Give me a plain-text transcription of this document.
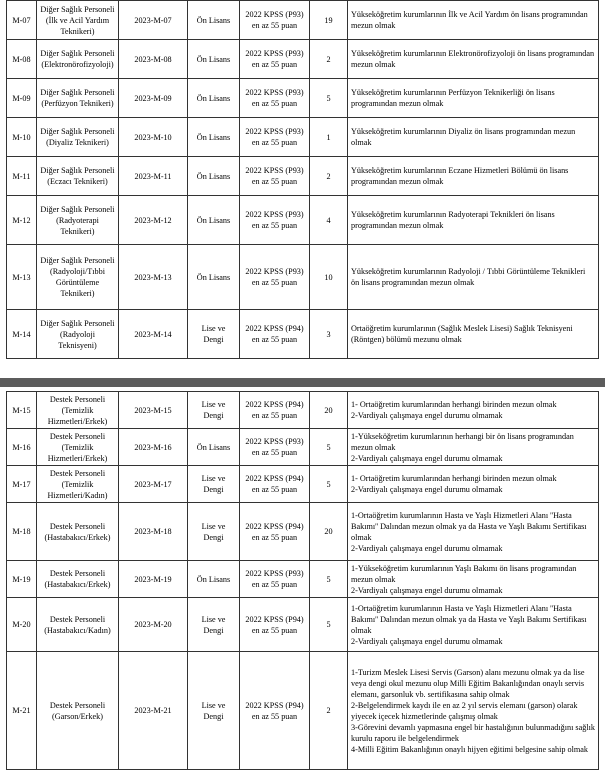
M-07	Diğer Sağlık Personeli (İlk ve Acil Yardım Teknikeri)	2023-M-07	Ön Lisans	2022 KPSS (P93) en az 55 puan	19	Yükseköğretim kurumlarının İlk ve Acil Yardım ön lisans programından mezun olmak

M-08	Diğer Sağlık Personeli (Elektronörofizyoloji)	2023-M-08	Ön Lisans	2022 KPSS (P93) en az 55 puan	2	Yükseköğretim kurumlarının Elektronörofizyoloji ön lisans programından mezun olmak

M-09	Diğer Sağlık Personeli (Perfüzyon Teknikeri)	2023-M-09	Ön Lisans	2022 KPSS (P93) en az 55 puan	5	Yükseköğretim kurumlarının Perfüzyon Teknikerliği ön lisans programından mezun olmak

M-10	Diğer Sağlık Personeli (Diyaliz Teknikeri)	2023-M-10	Ön Lisans	2022 KPSS (P93) en az 55 puan	1	Yükseköğretim kurumlarının Diyaliz ön lisans programından mezun olmak

M-11	Diğer Sağlık Personeli (Eczacı Teknikeri)	2023-M-11	Ön Lisans	2022 KPSS (P93) en az 55 puan	2	Yükseköğretim kurumlarının Eczane Hizmetleri Bölümü ön lisans programından mezun olmak

M-12	Diğer Sağlık Personeli (Radyoterapi Teknikeri)	2023-M-12	Ön Lisans	2022 KPSS (P93) en az 55 puan	4	Yükseköğretim kurumlarının Radyoterapi Teknikleri ön lisans programından mezun olmak

M-13	Diğer Sağlık Personeli (Radyoloji/Tıbbi Görüntüleme Teknikeri)	2023-M-13	Ön Lisans	2022 KPSS (P93) en az 55 puan	10	Yükseköğretim kurumlarının Radyoloji / Tıbbi Görüntüleme Teknikleri ön lisans programından mezun olmak

M-14	Diğer Sağlık Personeli (Radyoloji Teknisyeni)	2023-M-14	Lise ve Dengi	2022 KPSS (P94) en az 55 puan	3	Ortaöğretim kurumlarının (Sağlık Meslek Lisesi) Sağlık Teknisyeni (Röntgen) bölümü mezunu olmak
M-15	Destek Personeli (Temizlik Hizmetleri/Erkek)	2023-M-15	Lise ve Dengi	2022 KPSS (P94) en az 55 puan	20	1- Ortaöğretim kurumlarından herhangi birinden mezun olmak
2-Vardiyalı çalışmaya engel durumu olmamak

M-16	Destek Personeli (Temizlik Hizmetleri/Erkek)	2023-M-16	Ön Lisans	2022 KPSS (P93) en az 55 puan	5	1-Yükseköğretim kurumlarının herhangi bir ön lisans programından mezun olmak
2-Vardiyalı çalışmaya engel durumu olmamak

M-17	Destek Personeli (Temizlik Hizmetleri/Kadın)	2023-M-17	Lise ve Dengi	2022 KPSS (P94) en az 55 puan	5	1- Ortaöğretim kurumlarından herhangi birinden mezun olmak
2-Vardiyalı çalışmaya engel durumu olmamak

M-18	Destek Personeli (Hastabakıcı/Erkek)	2023-M-18	Lise ve Dengi	2022 KPSS (P94) en az 55 puan	20	1-Ortaöğretim kurumlarının Hasta ve Yaşlı Hizmetleri Alanı ''Hasta Bakımı'' Dalından mezun olmak ya da Hasta ve Yaşlı Bakımı Sertifikası olmak
2-Vardiyalı çalışmaya engel durumu olmamak

M-19	Destek Personeli (Hastabakıcı/Erkek)	2023-M-19	Ön Lisans	2022 KPSS (P93) en az 55 puan	5	1-Yükseköğretim kurumlarının Yaşlı Bakımı ön lisans programından mezun olmak
2-Vardiyalı çalışmaya engel durumu olmamak

M-20	Destek Personeli (Hastabakıcı/Kadın)	2023-M-20	Lise ve Dengi	2022 KPSS (P94) en az 55 puan	5	1-Ortaöğretim kurumlarının Hasta ve Yaşlı Hizmetleri Alanı ''Hasta Bakımı'' Dalından mezun olmak ya da Hasta ve Yaşlı Bakımı Sertifikası olmak
2-Vardiyalı çalışmaya engel durumu olmamak

M-21	Destek Personeli (Garson/Erkek)	2023-M-21	Lise ve Dengi	2022 KPSS (P94) en az 55 puan	2	1-Turizm Meslek Lisesi Servis (Garson) alanı mezunu olmak ya da lise veya dengi okul mezunu olup Milli Eğitim Bakanlığından onaylı servis elemanı, garsonluk vb. sertifikasına sahip olmak
2-Belgelendirmek kaydı ile en az 2 yıl servis elemanı (garson) olarak yiyecek içecek hizmetlerinde çalışmış olmak
3-Görevini devamlı yapmasına engel bir hastalığının bulunmadığını sağlık kurulu raporu ile belgelendirmek
4-Milli Eğitim Bakanlığının onaylı hijyen eğitimi belgesine sahip olmak
